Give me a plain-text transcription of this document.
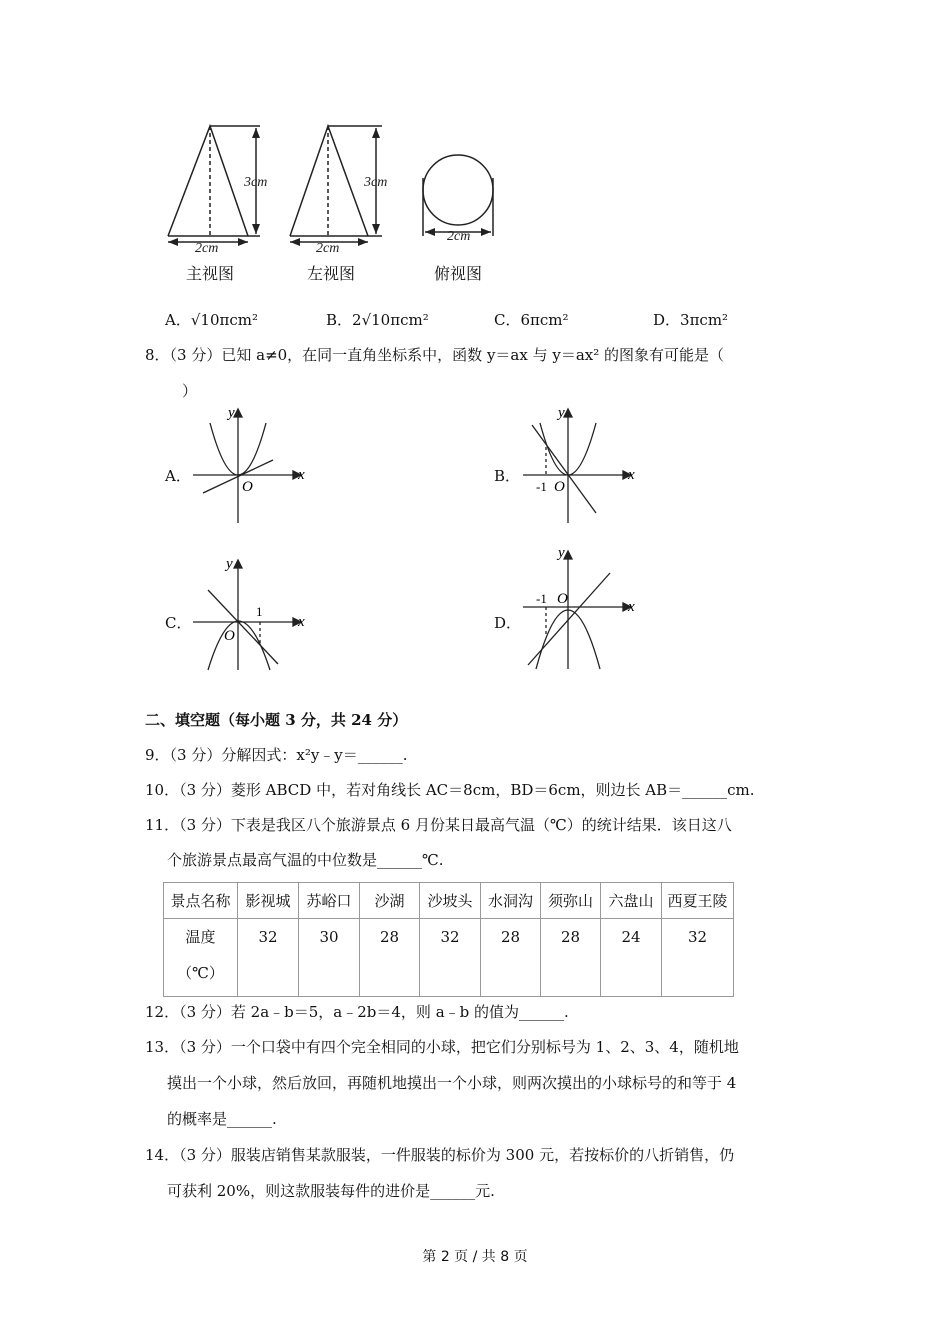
3cm	3cm
2cm	2cm
2cm
主视图	左视图	俯视图
A．√10πcm²	B．2√10πcm²	C．6πcm²	D．3πcm²
8．（3 分）已知 a≠0，在同一直角坐标系中，函数 y＝ax 与 y＝ax² 的图象有可能是（
）
A．	B．
C．	D．
y
x
O
y
x
O
-1
y
x
O
1
y
x
O
-1
二、填空题（每小题 3 分，共 24 分）
9．（3 分）分解因式：x²y﹣y＝______.
10．（3 分）菱形 ABCD 中，若对角线长 AC＝8cm，BD＝6cm，则边长 AB＝______cm.
11．（3 分）下表是我区八个旅游景点 6 月份某日最高气温（℃）的统计结果．该日这八
个旅游景点最高气温的中位数是______℃.
景点名称	影视城	苏峪口	沙湖	沙坡头	水洞沟	须弥山	六盘山	西夏王陵
温度
（℃）	32	30	28	32	28	28	24	32
12．（3 分）若 2a﹣b＝5，a﹣2b＝4，则 a﹣b 的值为______.
13．（3 分）一个口袋中有四个完全相同的小球，把它们分别标号为 1、2、3、4，随机地
摸出一个小球，然后放回，再随机地摸出一个小球，则两次摸出的小球标号的和等于 4
的概率是______.
14．（3 分）服装店销售某款服装，一件服装的标价为 300 元，若按标价的八折销售，仍
可获利 20%，则这款服装每件的进价是______元.
第 2 页 / 共 8 页
